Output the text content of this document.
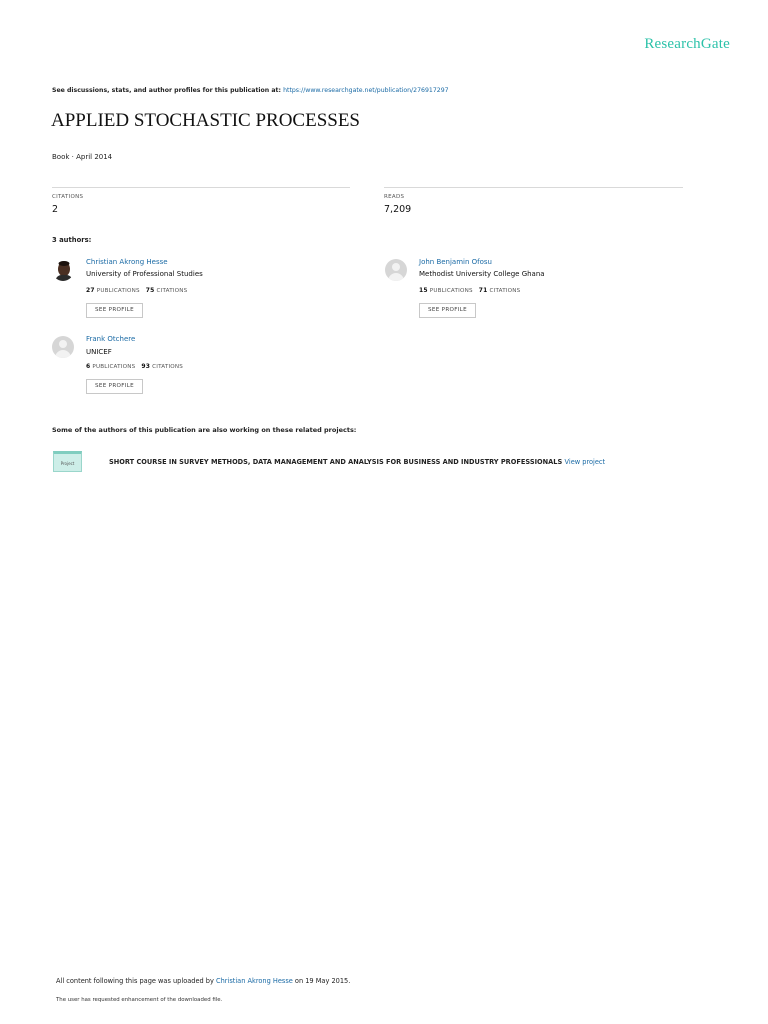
ResearchGate
See discussions, stats, and author profiles for this publication at: https://www.researchgate.net/publication/276917297
APPLIED STOCHASTIC PROCESSES
Book · April 2014
CITATIONS
2
READS
7,209
3 authors:
Christian Akrong Hesse
University of Professional Studies
27 PUBLICATIONS 75 CITATIONS
SEE PROFILE
John Benjamin Ofosu
Methodist University College Ghana
15 PUBLICATIONS 71 CITATIONS
SEE PROFILE
Frank Otchere
UNICEF
6 PUBLICATIONS 93 CITATIONS
SEE PROFILE
Some of the authors of this publication are also working on these related projects:
Project	SHORT COURSE IN SURVEY METHODS, DATA MANAGEMENT AND ANALYSIS FOR BUSINESS AND INDUSTRY PROFESSIONALS View project
All content following this page was uploaded by Christian Akrong Hesse on 19 May 2015.
The user has requested enhancement of the downloaded file.
